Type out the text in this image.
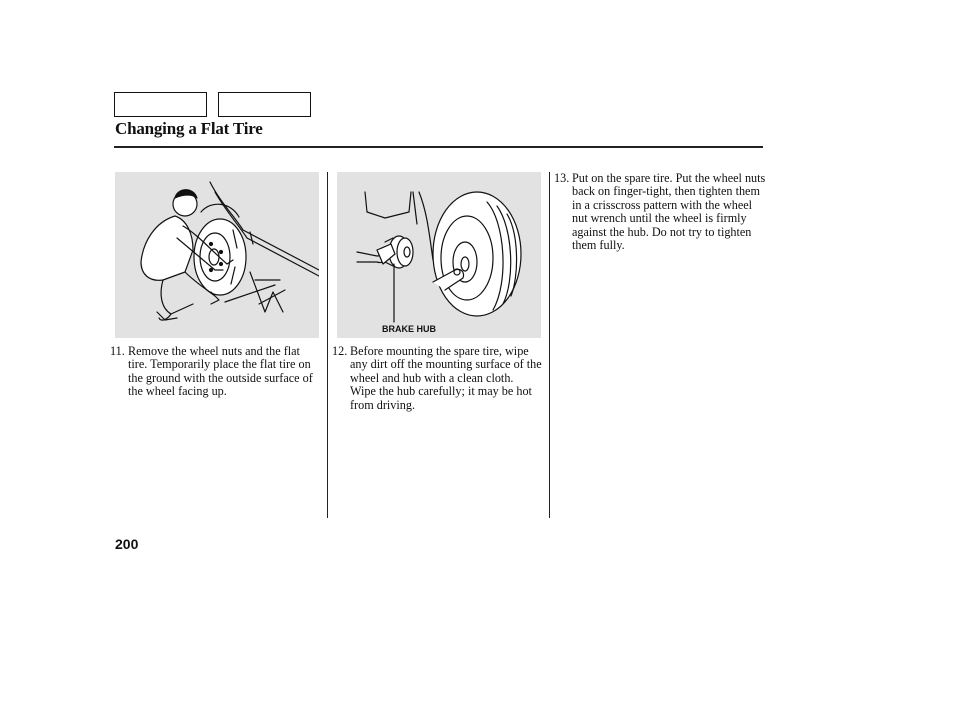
Changing a Flat Tire
BRAKE HUB
11. Remove the wheel nuts and the flat tire. Temporarily place the flat tire on the ground with the outside surface of the wheel facing up.
12. Before mounting the spare tire, wipe any dirt off the mounting surface of the wheel and hub with a clean cloth. Wipe the hub carefully; it may be hot from driving.
13. Put on the spare tire. Put the wheel nuts back on finger-tight, then tighten them in a crisscross pattern with the wheel nut wrench until the wheel is firmly against the hub. Do not try to tighten them fully.
200
